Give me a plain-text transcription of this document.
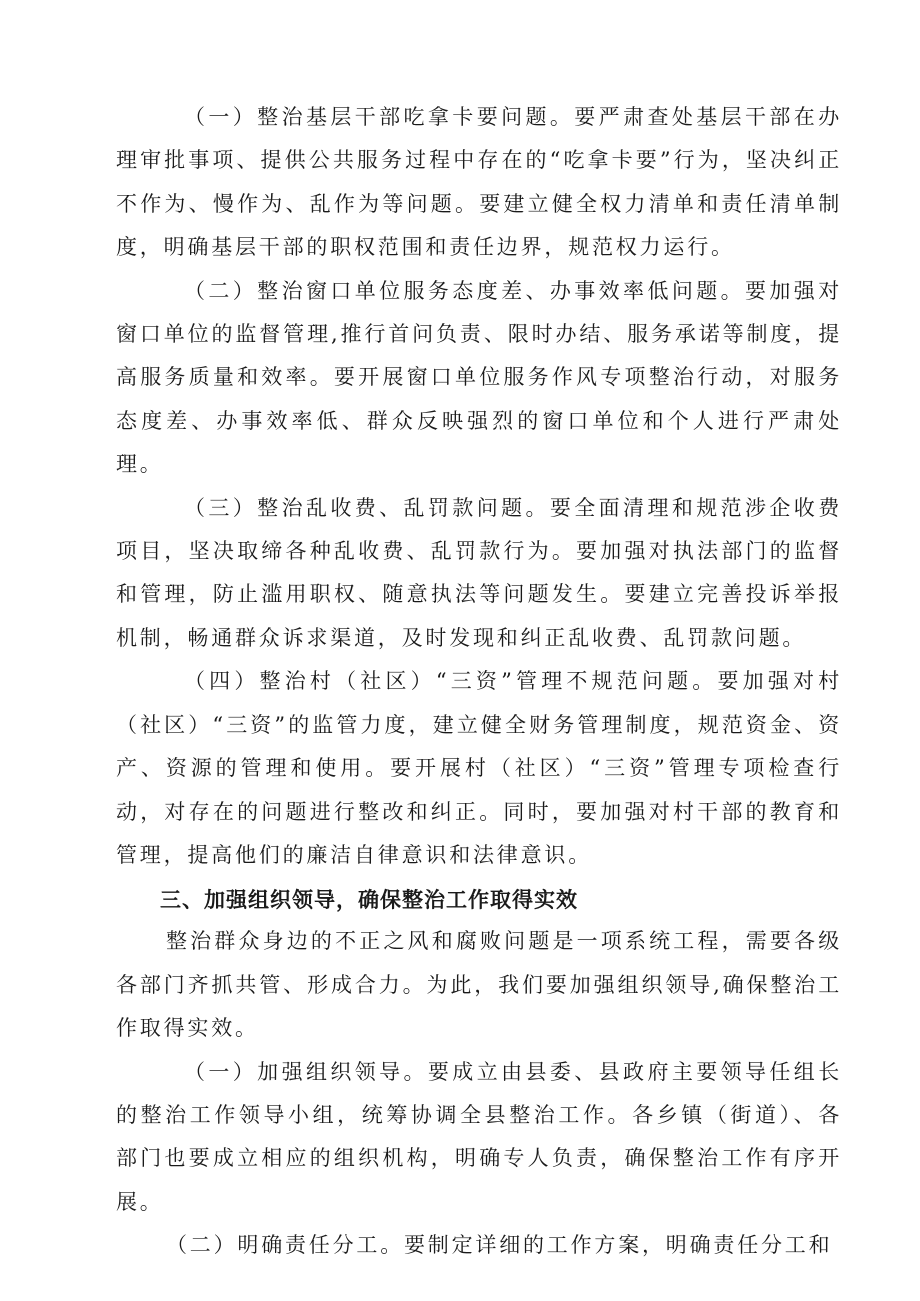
（一）整治基层干部吃拿卡要问题。要严肃查处基层干部在办理审批事项、提供公共服务过程中存在的“吃拿卡要”行为，坚决纠正不作为、慢作为、乱作为等问题。要建立健全权力清单和责任清单制度，明确基层干部的职权范围和责任边界，规范权力运行。

（二）整治窗口单位服务态度差、办事效率低问题。要加强对窗口单位的监督管理,推行首问负责、限时办结、服务承诺等制度，提高服务质量和效率。要开展窗口单位服务作风专项整治行动，对服务态度差、办事效率低、群众反映强烈的窗口单位和个人进行严肃处理。

（三）整治乱收费、乱罚款问题。要全面清理和规范涉企收费项目，坚决取缔各种乱收费、乱罚款行为。要加强对执法部门的监督和管理，防止滥用职权、随意执法等问题发生。要建立完善投诉举报机制，畅通群众诉求渠道，及时发现和纠正乱收费、乱罚款问题。

（四）整治村（社区）“三资”管理不规范问题。要加强对村（社区）“三资”的监管力度，建立健全财务管理制度，规范资金、资产、资源的管理和使用。要开展村（社区）“三资”管理专项检查行动，对存在的问题进行整改和纠正。同时，要加强对村干部的教育和管理，提高他们的廉洁自律意识和法律意识。

三、加强组织领导，确保整治工作取得实效

整治群众身边的不正之风和腐败问题是一项系统工程，需要各级各部门齐抓共管、形成合力。为此，我们要加强组织领导,确保整治工作取得实效。

（一）加强组织领导。要成立由县委、县政府主要领导任组长的整治工作领导小组，统筹协调全县整治工作。各乡镇（街道）、各部门也要成立相应的组织机构，明确专人负责，确保整治工作有序开展。

（二）明确责任分工。要制定详细的工作方案，明确责任分工和
